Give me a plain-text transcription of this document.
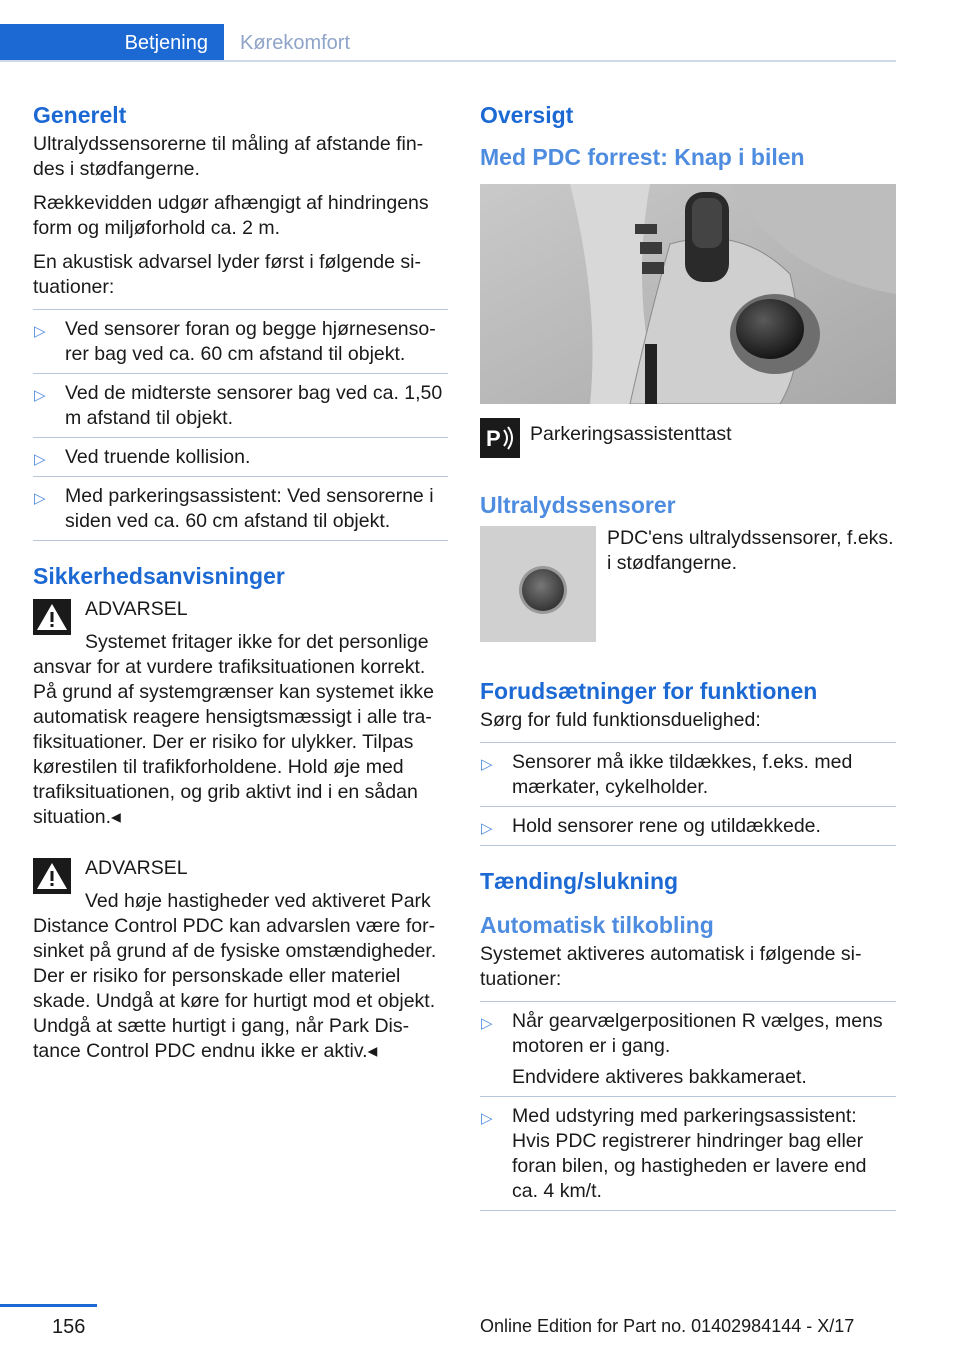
Betjening	Kørekomfort
Generelt

Ultralydssensorerne til måling af afstande fin-des i stødfangerne.

Rækkevidden udgør afhængigt af hindringens form og miljøforhold ca. 2 m.

En akustisk advarsel lyder først i følgende si-tuationer:

▷ Ved sensorer foran og begge hjørnesenso-rer bag ved ca. 60 cm afstand til objekt.
▷ Ved de midterste sensorer bag ved ca. 1,50 m afstand til objekt.
▷ Ved truende kollision.
▷ Med parkeringsassistent: Ved sensorerne i siden ved ca. 60 cm afstand til objekt.
Sikkerhedsanvisninger
ADVARSEL
Systemet fritager ikke for det personlige ansvar for at vurdere trafiksituationen korrekt. På grund af systemgrænser kan systemet ikke automatisk reagere hensigtsmæssigt i alle tra-fiksituationer. Der er risiko for ulykker. Tilpas kørestilen til trafikforholdene. Hold øje med trafiksituationen, og grib aktivt ind i en sådan situation.◂
ADVARSEL
Ved høje hastigheder ved aktiveret Park Distance Control PDC kan advarslen være for-sinket på grund af de fysiske omstændigheder. Der er risiko for personskade eller materiel skade. Undgå at køre for hurtigt mod et objekt. Undgå at sætte hurtigt i gang, når Park Dis-tance Control PDC endnu ikke er aktiv.◂
Oversigt
Med PDC forrest: Knap i bilen
P Parkeringsassistenttast
Ultralydssensorer
PDC'ens ultralydssensorer, f.eks. i stødfangerne.
Forudsætninger for funktionen

Sørg for fuld funktionsduelighed:

▷ Sensorer må ikke tildækkes, f.eks. med mærkater, cykelholder.
▷ Hold sensorer rene og utildækkede.
Tænding/slukning
Automatisk tilkobling

Systemet aktiveres automatisk i følgende si-tuationer:

▷ Når gearvælgerpositionen R vælges, mens motoren er i gang.

Endvidere aktiveres bakkameraet.

▷ Med udstyring med parkeringsassistent: Hvis PDC registrerer hindringer bag eller foran bilen, og hastigheden er lavere end ca. 4 km/t.
156	Online Edition for Part no. 01402984144 - X/17
